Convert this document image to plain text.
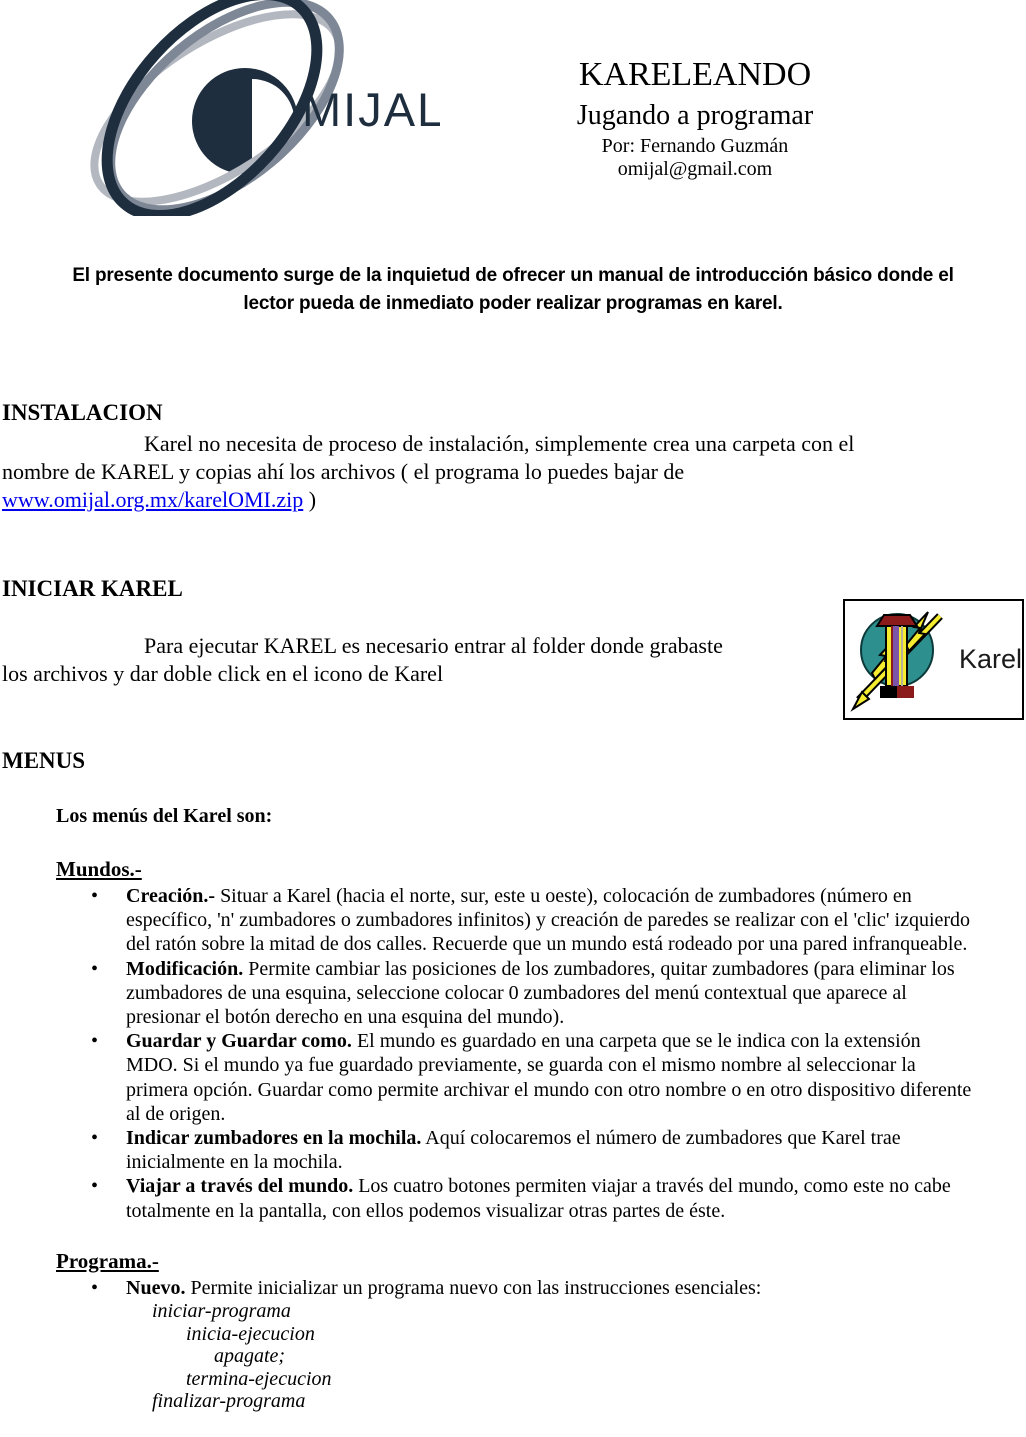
MIJAL
KARELEANDO
Jugando a programar
Por: Fernando Guzmán
omijal@gmail.com
El presente documento surge de la inquietud de ofrecer un manual de introducción básico donde el
lector pueda de inmediato poder realizar programas en karel.
INSTALACION
Karel no necesita de proceso de instalación, simplemente crea una carpeta con el
nombre de KAREL y copias ahí los archivos ( el programa lo puedes bajar de
www.omijal.org.mx/karelOMI.zip )
INICIAR KAREL
Para ejecutar KAREL es necesario entrar al folder donde grabaste
los archivos y dar doble click en el icono de Karel	Karel
MENUS
Los menús del Karel son:
Mundos.-
• Creación.- Situar a Karel (hacia el norte, sur, este u oeste), colocación de zumbadores (número en específico, 'n' zumbadores o zumbadores infinitos) y creación de paredes se realizar con el 'clic' izquierdo del ratón sobre la mitad de dos calles. Recuerde que un mundo está rodeado por una pared infranqueable.
• Modificación. Permite cambiar las posiciones de los zumbadores, quitar zumbadores (para eliminar los zumbadores de una esquina, seleccione colocar 0 zumbadores del menú contextual que aparece al presionar el botón derecho en una esquina del mundo).
• Guardar y Guardar como. El mundo es guardado en una carpeta que se le indica con la extensión MDO. Si el mundo ya fue guardado previamente, se guarda con el mismo nombre al seleccionar la primera opción. Guardar como permite archivar el mundo con otro nombre o en otro dispositivo diferente al de origen.
• Indicar zumbadores en la mochila. Aquí colocaremos el número de zumbadores que Karel trae inicialmente en la mochila.
• Viajar a través del mundo. Los cuatro botones permiten viajar a través del mundo, como este no cabe totalmente en la pantalla, con ellos podemos visualizar otras partes de éste.
Programa.-
• Nuevo. Permite inicializar un programa nuevo con las instrucciones esenciales:
iniciar-programa
inicia-ejecucion
apagate;
termina-ejecucion
finalizar-programa
